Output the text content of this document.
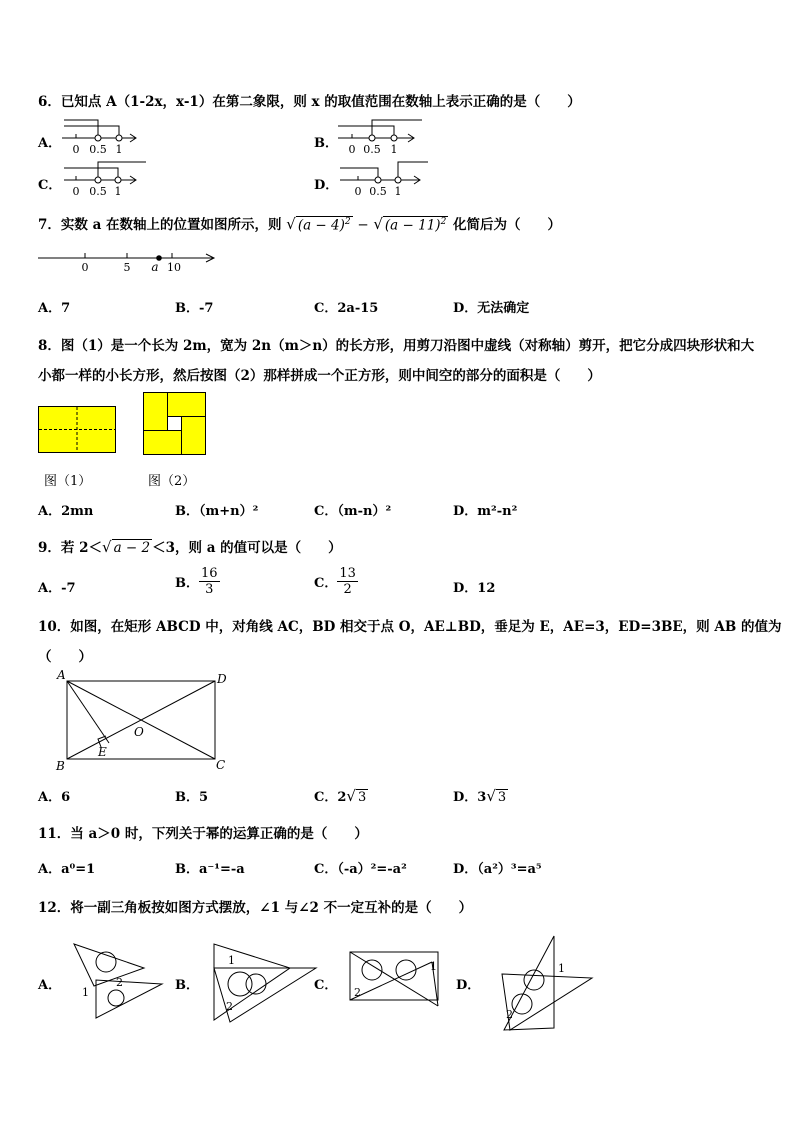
6．已知点 A（1-2x，x-1）在第二象限，则 x 的取值范围在数轴上表示正确的是（　　）
A． 0 0.5 1	B． 0 0.5 1
C． 0 0.5 1	D． 0 0.5 1
7．实数 a 在数轴上的位置如图所示，则 √ $(a - 4)^2$ − √ $(a - 11)^2$ 化简后为（　　）
0	5 a 10
A．7	B．-7	C．2a-15	D．无法确定
8．图（1）是一个长为 2m，宽为 2n（m＞n）的长方形，用剪刀沿图中虚线（对称轴）剪开，把它分成四块形状和大
小都一样的小长方形，然后按图（2）那样拼成一个正方形，则中间空的部分的面积是（　　）
图（1）	图（2）
A．2mn	B．（m+n）²	C．（m-n）²	D．m²-n²
9．若 2＜√ a − 2 ＜3，则 a 的值可以是（　　）
A．-7	B． $\frac{16}{3}$	C． $\frac{13}{2}$	D．12
10．如图，在矩形 ABCD 中，对角线 AC，BD 相交于点 O，AE⊥BD，垂足为 E，AE=3，ED=3BE，则 AB 的值为
（　　）
A	D
B	C
O
E
A．6	B．5	C．2√ 3	D．3√ 3
11．当 a＞0 时，下列关于幂的运算正确的是（　　）
A．a⁰=1	B．a⁻¹=-a	C．（-a）²=-a²	D．（a²）³=a⁵
12．将一副三角板按如图方式摆放，∠1 与∠2 不一定互补的是（　　）
A． 1
2	B．
1
2
C． 2
1
D．
1
2
